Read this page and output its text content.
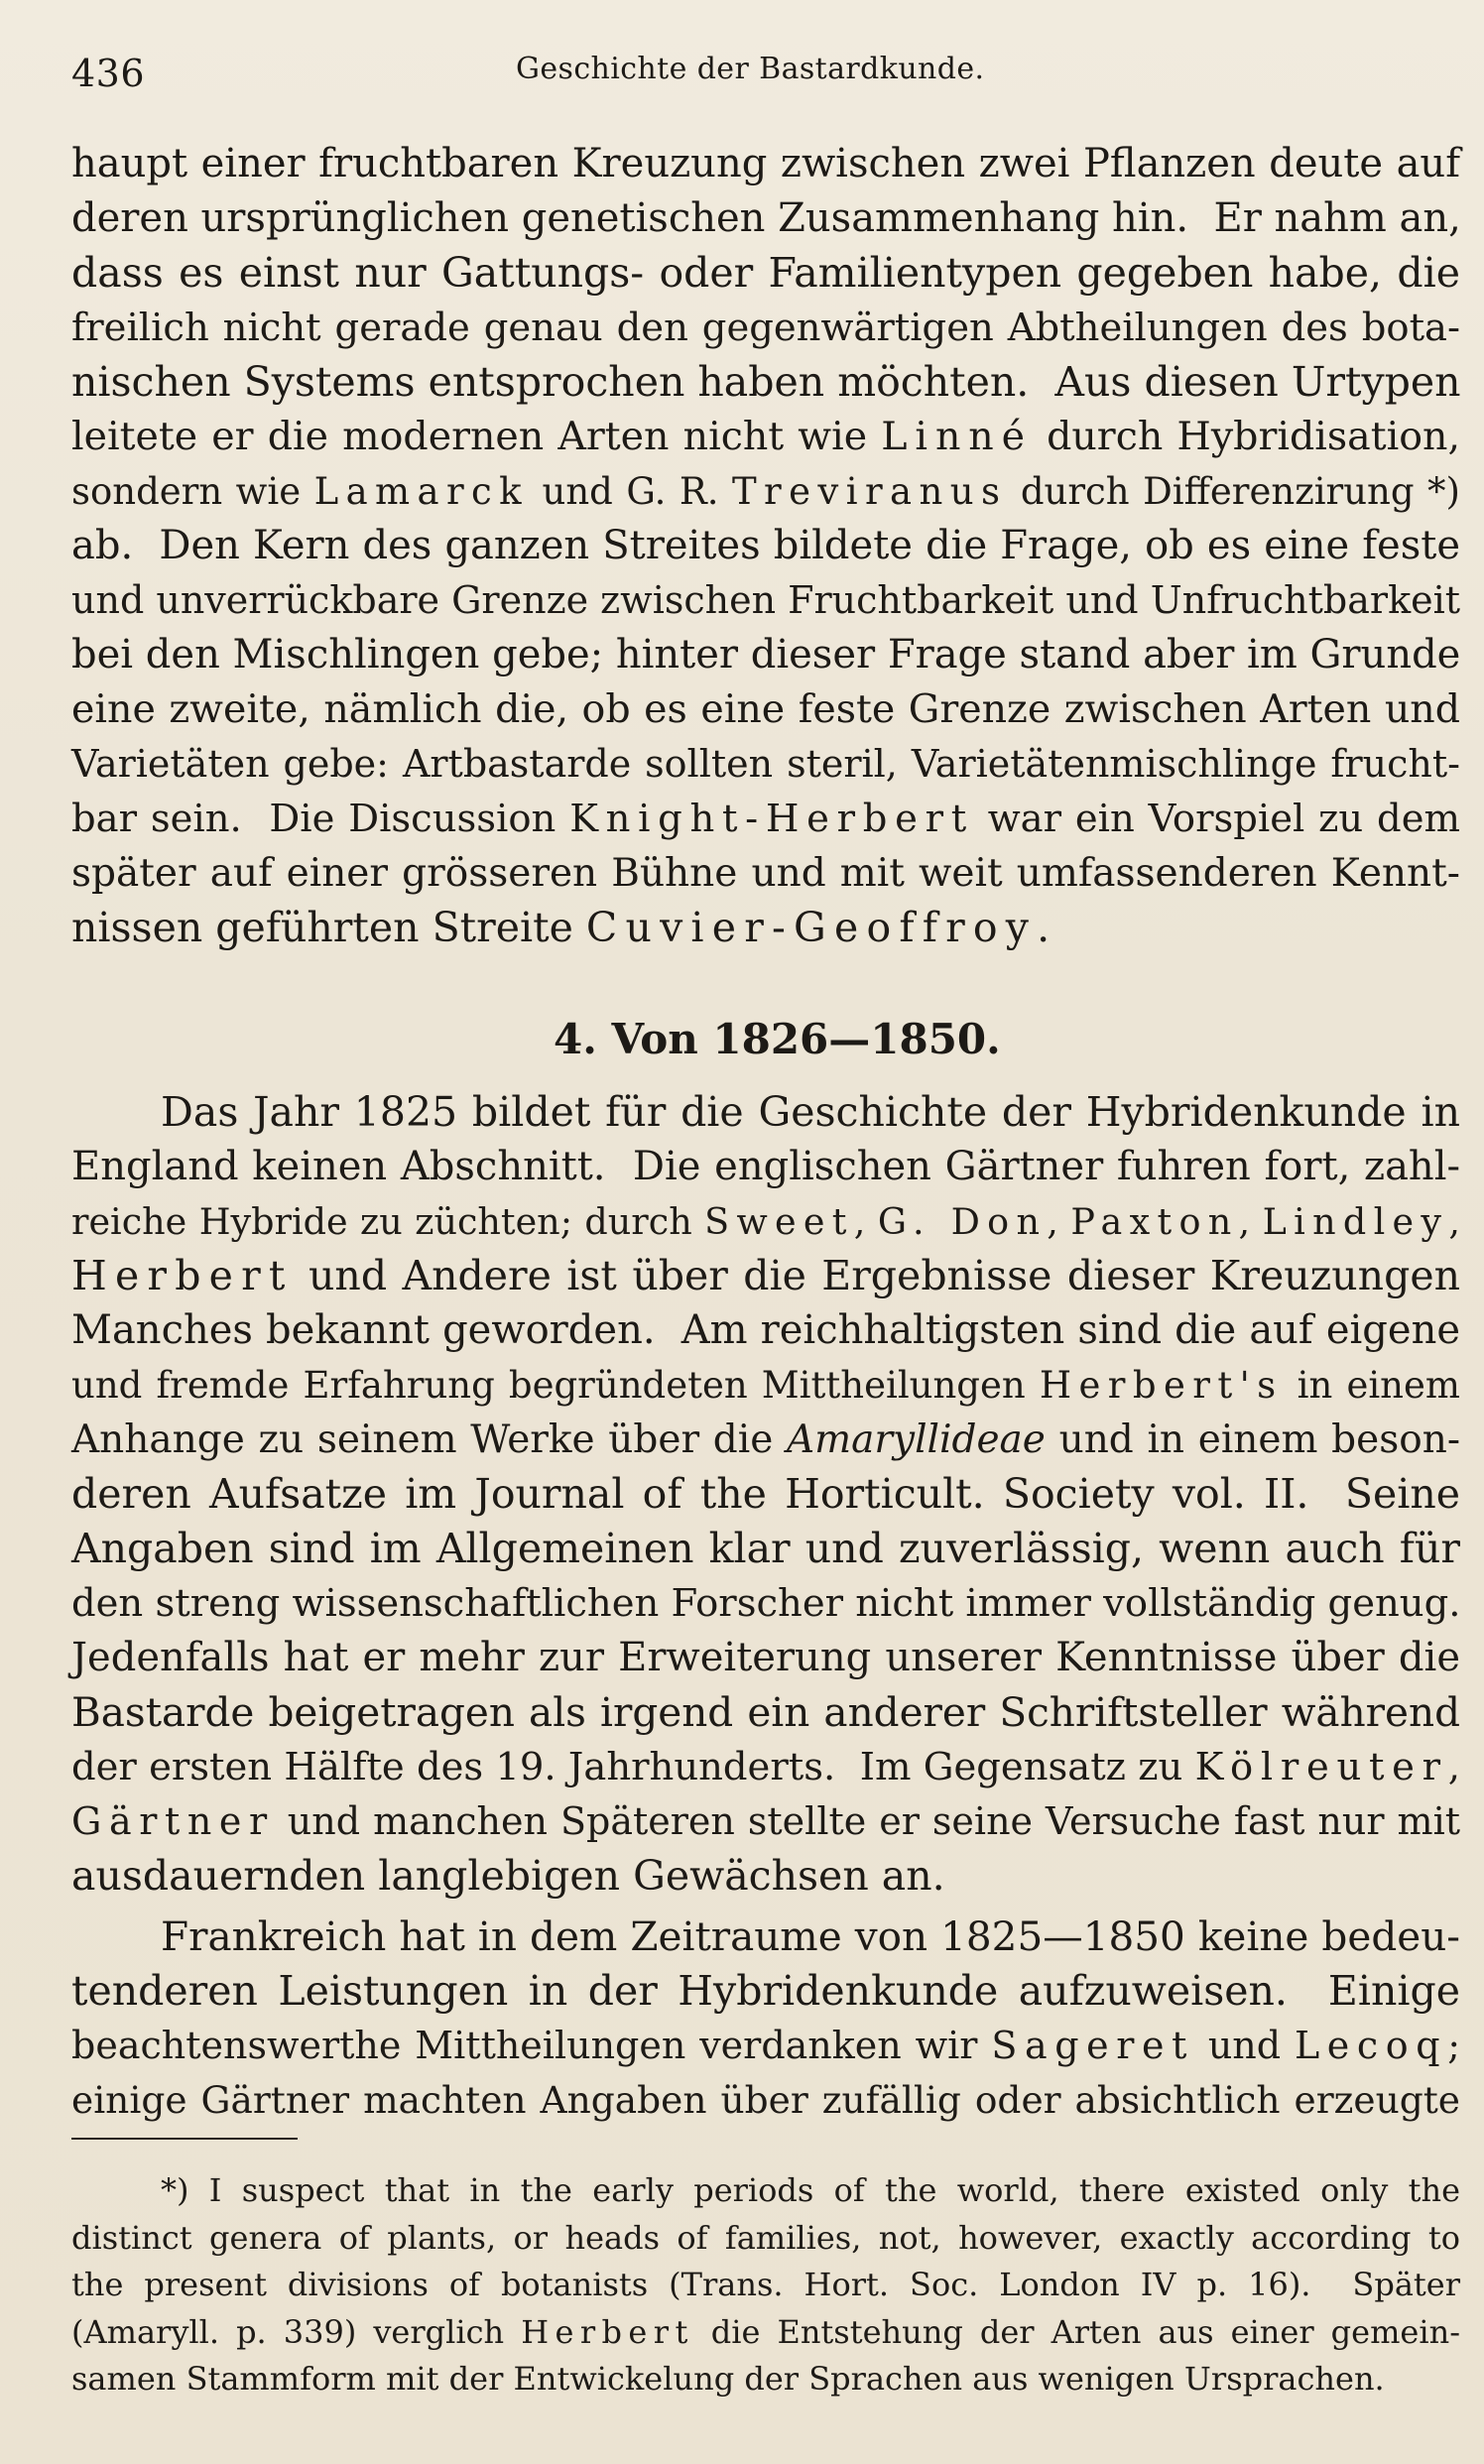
436	Geschichte der Bastardkunde.
haupt einer fruchtbaren Kreuzung zwischen zwei Pflanzen deute auf
deren ursprünglichen genetischen Zusammenhang hin.  Er nahm an,
dass es einst nur Gattungs- oder Familientypen gegeben habe, die
freilich nicht gerade genau den gegenwärtigen Abtheilungen des bota-
nischen Systems entsprochen haben möchten.  Aus diesen Urtypen
leitete er die modernen Arten nicht wie Linné durch Hybridisation,
sondern wie Lamarck und G. R. Treviranus durch Differenzirung *)
ab.  Den Kern des ganzen Streites bildete die Frage, ob es eine feste
und unverrückbare Grenze zwischen Fruchtbarkeit und Unfruchtbarkeit
bei den Mischlingen gebe; hinter dieser Frage stand aber im Grunde
eine zweite, nämlich die, ob es eine feste Grenze zwischen Arten und
Varietäten gebe: Artbastarde sollten steril, Varietätenmischlinge frucht-
bar sein.  Die Discussion Knight-Herbert war ein Vorspiel zu dem
später auf einer grösseren Bühne und mit weit umfassenderen Kennt-
nissen geführten Streite Cuvier-Geoffroy.
4. Von 1826—1850.
Das Jahr 1825 bildet für die Geschichte der Hybridenkunde in
England keinen Abschnitt.  Die englischen Gärtner fuhren fort, zahl-
reiche Hybride zu züchten; durch Sweet, G. Don, Paxton, Lindley,
Herbert und Andere ist über die Ergebnisse dieser Kreuzungen
Manches bekannt geworden.  Am reichhaltigsten sind die auf eigene
und fremde Erfahrung begründeten Mittheilungen Herbert's in einem
Anhange zu seinem Werke über die Amaryllideae und in einem beson-
deren Aufsatze im Journal of the Horticult. Society vol. II.  Seine
Angaben sind im Allgemeinen klar und zuverlässig, wenn auch für
den streng wissenschaftlichen Forscher nicht immer vollständig genug.
Jedenfalls hat er mehr zur Erweiterung unserer Kenntnisse über die
Bastarde beigetragen als irgend ein anderer Schriftsteller während
der ersten Hälfte des 19. Jahrhunderts.  Im Gegensatz zu Kölreuter,
Gärtner und manchen Späteren stellte er seine Versuche fast nur mit
ausdauernden langlebigen Gewächsen an.
Frankreich hat in dem Zeitraume von 1825—1850 keine bedeu-
tenderen Leistungen in der Hybridenkunde aufzuweisen.  Einige
beachtenswerthe Mittheilungen verdanken wir Sageret und Lecoq;
einige Gärtner machten Angaben über zufällig oder absichtlich erzeugte
*) I suspect that in the early periods of the world, there existed only the
distinct genera of plants, or heads of families, not, however, exactly according to
the present divisions of botanists (Trans. Hort. Soc. London IV p. 16).  Später
(Amaryll. p. 339) verglich Herbert die Entstehung der Arten aus einer gemein-
samen Stammform mit der Entwickelung der Sprachen aus wenigen Ursprachen.
